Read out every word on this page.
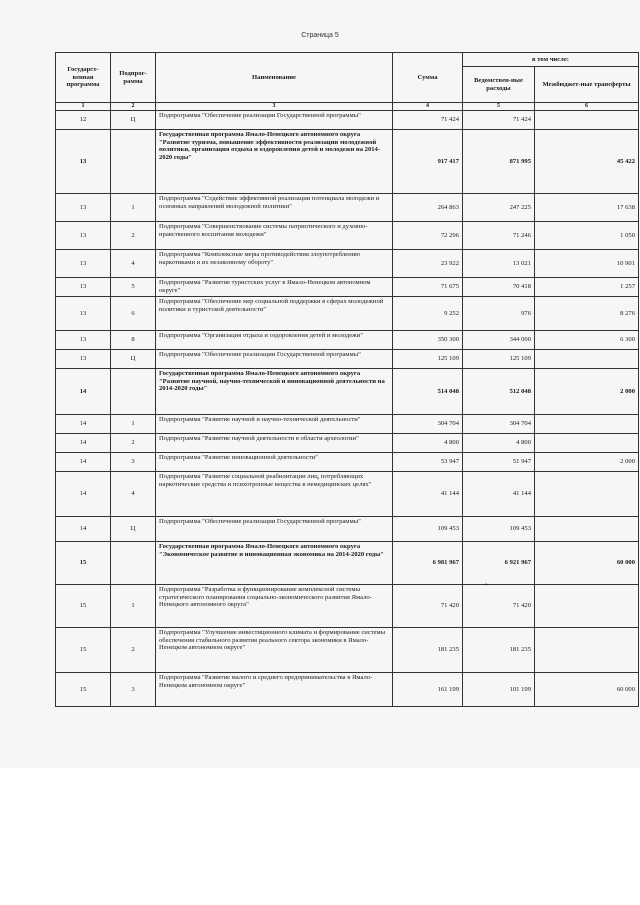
Страница 5
Государст-венная программа	Подпрог-рамма	Наименование	Сумма	в том числе:	
				Ведомствен-ные расходы	Межбюджет-ные трансферты
1	2	3	4	5	6
12	Ц	Подпрограмма "Обеспечение реализации Государственной программы"	71 424	71 424	
13		Государственная программа Ямало-Ненецкого автономного округа "Развитие туризма, повышение эффективности реализации молодежной политики, организация отдыха и оздоровления детей и молодежи на 2014-2020 годы"	917 417	871 995	45 422
13	1	Подпрограмма "Содействие эффективной реализации потенциала молодежи и основных направлений молодежной политики"	264 863	247 225	17 638
13	2	Подпрограмма "Совершенствование системы патриотического и духовно-нравственного воспитания молодежи"	72 296	71 246	1 050
13	4	Подпрограмма "Комплексные меры противодействия злоупотреблению наркотиками и их незаконному обороту"	23 922	13 021	10 901
13	5	Подпрограмма "Развитие туристских услуг в Ямало-Ненецком автономном округе"	71 675	70 418	1 257
13	6	Подпрограмма "Обеспечение мер социальной поддержки в сферах молодежной политики и туристской деятельности"	9 252	976	8 276
13	8	Подпрограмма "Организация отдыха и оздоровления детей и молодежи"	350 300	344 000	6 300
13	Ц	Подпрограмма "Обеспечение реализации Государственной программы"	125 109	125 109	
14		Государственная программа Ямало-Ненецкого автономного округа "Развитие научной, научно-технической и инновационной деятельности на 2014-2020 годы"	514 048	512 048	2 000
14	1	Подпрограмма "Развитие научной и научно-технической деятельности"	304 704	304 704	
14	2	Подпрограмма "Развитие научной деятельности в области археологии"	4 800	4 800	
14	3	Подпрограмма "Развитие инновационной деятельности"	53 947	51 947	2 000
14	4	Подпрограмма "Развитие социальной реабилитации лиц, потребляющих наркотические средства и психотропные вещества в немедицинских целях"	41 144	41 144	
14	Ц	Подпрограмма "Обеспечение реализации Государственной программы"	109 453	109 453	
15		Государственная программа Ямало-Ненецкого автономного округа "Экономическое развитие и инновационная экономика на 2014-2020 годы"	6 981 967	6 921 967	60 000
15	1	Подпрограмма "Разработка и функционирование комплексной системы стратегического планирования социально-экономического развития Ямало-Ненецкого автономного округа"	71 420	71 420	
15	2	Подпрограмма "Улучшение инвестиционного климата и формирование системы обеспечения стабильного развития реального сектора экономики в Ямало-Ненецком автономном округе"	181 235	181 235	
15	3	Подпрограмма "Развитие малого и среднего предпринимательства в Ямало-Ненецком автономном округе"	161 199	101 199	60 000
•
